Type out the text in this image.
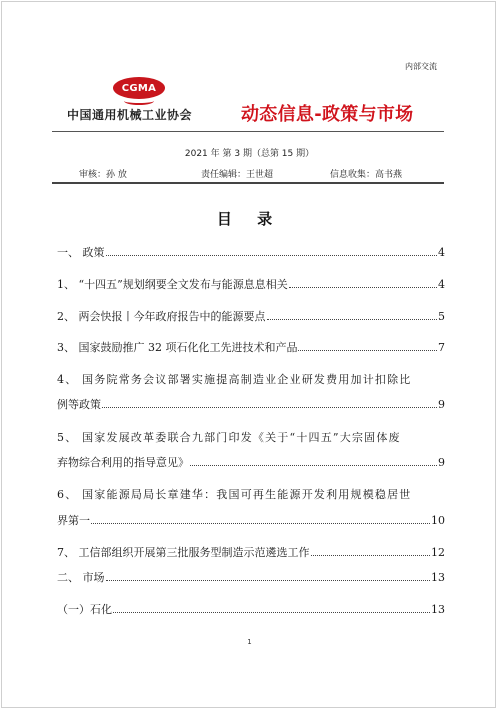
内部交流
CGMA
中国通用机械工业协会	动态信息-政策与市场
2021 年 第 3 期（总第 15 期）
审核：孙 放	责任编辑：王世超	信息收集：高书燕
目 录
一、 政策	4
1、 “十四五”规划纲要全文发布与能源息息相关	4
2、 两会快报丨今年政府报告中的能源要点	5
3、 国家鼓励推广 32 项石化化工先进技术和产品	7
4、 国务院常务会议部署实施提高制造业企业研发费用加计扣除比
例等政策	9
5、 国家发展改革委联合九部门印发《关于“十四五”大宗固体废
弃物综合利用的指导意见》	9
6、 国家能源局局长章建华：我国可再生能源开发利用规模稳居世
界第一	10
7、 工信部组织开展第三批服务型制造示范遴选工作	12
二、 市场	13
（一）石化	13
1
